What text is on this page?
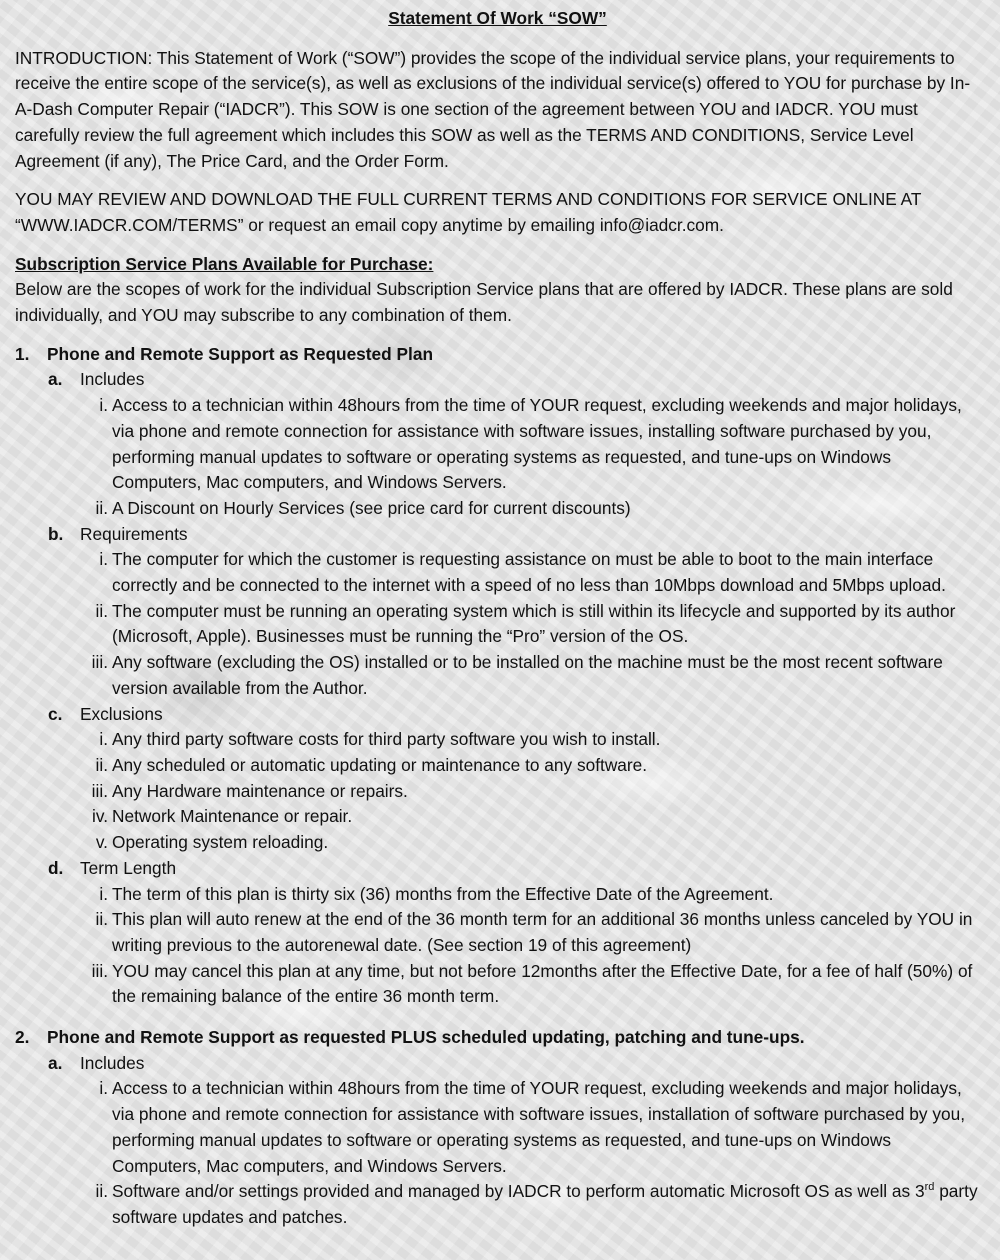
Statement Of Work “SOW”

INTRODUCTION: This Statement of Work (“SOW”) provides the scope of the individual service plans, your requirements to receive the entire scope of the service(s), as well as exclusions of the individual service(s) offered to YOU for purchase by In-A-Dash Computer Repair (“IADCR”). This SOW is one section of the agreement between YOU and IADCR. YOU must carefully review the full agreement which includes this SOW as well as the TERMS AND CONDITIONS, Service Level Agreement (if any), The Price Card, and the Order Form.

YOU MAY REVIEW AND DOWNLOAD THE FULL CURRENT TERMS AND CONDITIONS FOR SERVICE ONLINE AT “WWW.IADCR.COM/TERMS” or request an email copy anytime by emailing info@iadcr.com.

Subscription Service Plans Available for Purchase:

Below are the scopes of work for the individual Subscription Service plans that are offered by IADCR. These plans are sold individually, and YOU may subscribe to any combination of them.

1. Phone and Remote Support as Requested Plan
a. Includes
i. Access to a technician within 48hours from the time of YOUR request, excluding weekends and major holidays, via phone and remote connection for assistance with software issues, installing software purchased by you, performing manual updates to software or operating systems as requested, and tune-ups on Windows Computers, Mac computers, and Windows Servers.
ii. A Discount on Hourly Services (see price card for current discounts)
b. Requirements
i. The computer for which the customer is requesting assistance on must be able to boot to the main interface correctly and be connected to the internet with a speed of no less than 10Mbps download and 5Mbps upload.
ii. The computer must be running an operating system which is still within its lifecycle and supported by its author (Microsoft, Apple). Businesses must be running the “Pro” version of the OS.
iii. Any software (excluding the OS) installed or to be installed on the machine must be the most recent software version available from the Author.
c. Exclusions
i. Any third party software costs for third party software you wish to install.
ii. Any scheduled or automatic updating or maintenance to any software.
iii. Any Hardware maintenance or repairs.
iv. Network Maintenance or repair.
v. Operating system reloading.
d. Term Length
i. The term of this plan is thirty six (36) months from the Effective Date of the Agreement.
ii. This plan will auto renew at the end of the 36 month term for an additional 36 months unless canceled by YOU in writing previous to the autorenewal date. (See section 19 of this agreement)
iii. YOU may cancel this plan at any time, but not before 12months after the Effective Date, for a fee of half (50%) of the remaining balance of the entire 36 month term.
2. Phone and Remote Support as requested PLUS scheduled updating, patching and tune-ups.
a. Includes
i. Access to a technician within 48hours from the time of YOUR request, excluding weekends and major holidays, via phone and remote connection for assistance with software issues, installation of software purchased by you, performing manual updates to software or operating systems as requested, and tune-ups on Windows Computers, Mac computers, and Windows Servers.
ii. Software and/or settings provided and managed by IADCR to perform automatic Microsoft OS as well as 3rd party software updates and patches.
